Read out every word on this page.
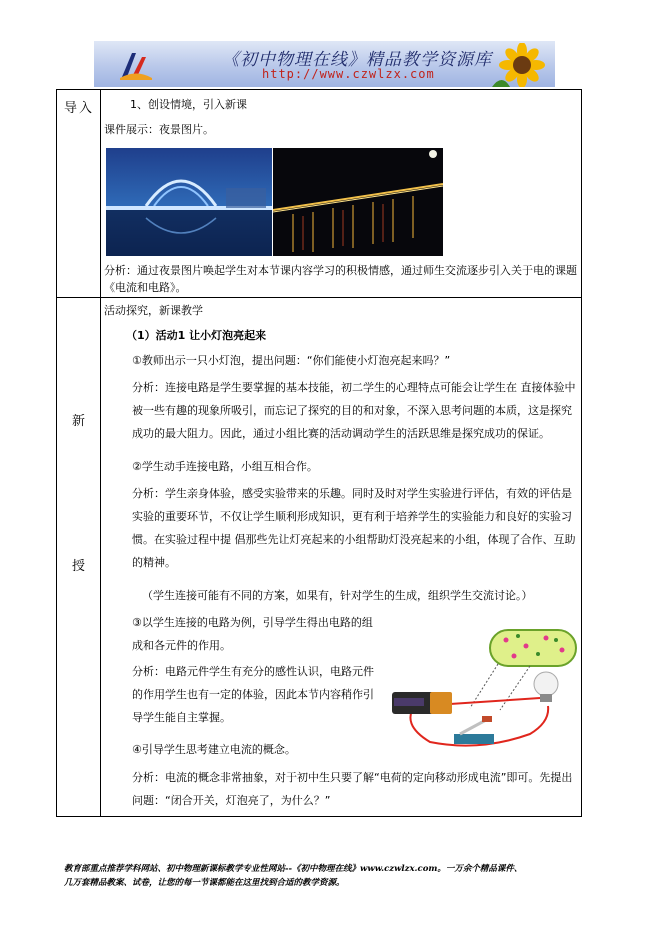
《初中物理在线》精品教学资源库
http://www.czwlzx.com
导入	1、创设情境，引入新课
课件展示：夜景图片。

分析：通过夜景图片唤起学生对本节课内容学习的积极情感，通过师生交流逐步引入关于电的课题《电流和电路》。

新
授
活动探究，新课教学
（1）活动1 让小灯泡亮起来
①教师出示一只小灯泡，提出问题：“你们能使小灯泡亮起来吗？”

分析：连接电路是学生要掌握的基本技能，初二学生的心理特点可能会让学生在 直接体验中被一些有趣的现象所吸引，而忘记了探究的目的和对象，不深入思考问题的本质，这是探究成功的最大阻力。因此，通过小组比赛的活动调动学生的活跃思维是探究成功的保证。

②学生动手连接电路，小组互相合作。

分析：学生亲身体验，感受实验带来的乐趣。同时及时对学生实验进行评估，有效的评估是实验的重要环节，不仅让学生顺利形成知识，更有利于培养学生的实验能力和良好的实验习惯。在实验过程中提 倡那些先让灯亮起来的小组帮助灯没亮起来的小组，体现了合作、互助的精神。

（学生连接可能有不同的方案，如果有，针对学生的生成，组织学生交流讨论。）

③以学生连接的电路为例，引导学生得出电路的组成和各元件的作用。

分析：电路元件学生有充分的感性认识，电路元件的作用学生也有一定的体验，因此本节内容稍作引导学生能自主掌握。

④引导学生思考建立电流的概念。

分析：电流的概念非常抽象，对于初中生只要了解“电荷的定向移动形成电流”即可。先提出问题：“闭合开关，灯泡亮了，为什么？”

教育部重点推荐学科网站、初中物理新课标教学专业性网站--《初中物理在线》www.czwlzx.com。一万余个精品课件、
几万套精品教案、试卷，让您的每一节课都能在这里找到合适的教学资源。
